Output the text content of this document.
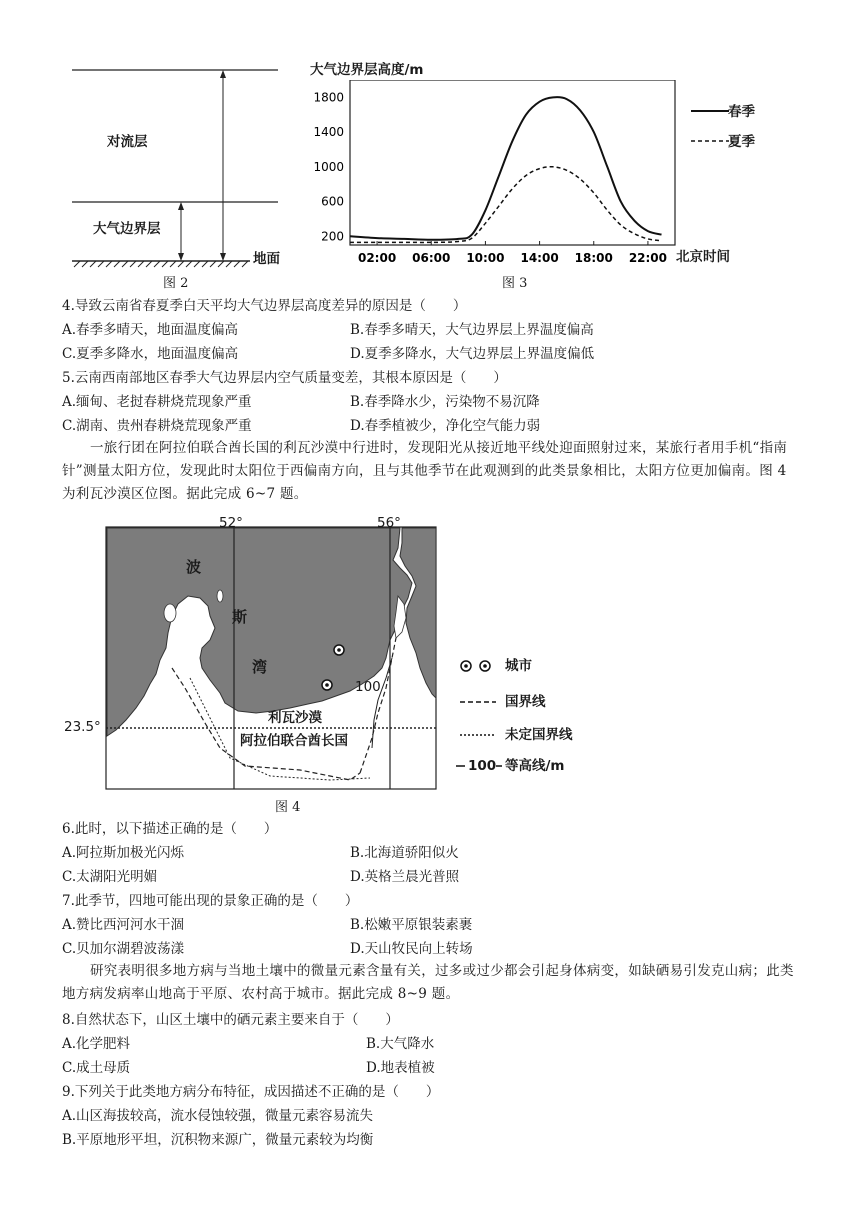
对流层
大气边界层
地面
图 2
大气边界层高度/m
200
600
1000
1400
1800
02:00 06:00 10:00 14:00 18:00 22:00
春季
夏季
北京时间
图 3
4.导致云南省春夏季白天平均大气边界层高度差异的原因是（　　）
A.春季多晴天，地面温度偏高	B.春季多晴天，大气边界层上界温度偏高
C.夏季多降水，地面温度偏高	D.夏季多降水，大气边界层上界温度偏低
5.云南西南部地区春季大气边界层内空气质量变差，其根本原因是（　　）
A.缅甸、老挝春耕烧荒现象严重	B.春季降水少，污染物不易沉降
C.湖南、贵州春耕烧荒现象严重	D.春季植被少，净化空气能力弱
一旅行团在阿拉伯联合酋长国的利瓦沙漠中行进时，发现阳光从接近地平线处迎面照射过来，某旅行者用手机“指南针”测量太阳方位，发现此时太阳位于西偏南方向，且与其他季节在此观测到的此类景象相比，太阳方位更加偏南。图 4 为利瓦沙漠区位图。据此完成 6~7 题。
52°	56°
23.5°
波
斯
湾
100
利瓦沙漠
阿拉伯联合酋长国
城市
国界线
未定国界线
100 等高线/m
图 4
6.此时，以下描述正确的是（　　）
A.阿拉斯加极光闪烁	B.北海道骄阳似火
C.太湖阳光明媚	D.英格兰晨光普照
7.此季节，四地可能出现的景象正确的是（　　）
A.赞比西河河水干涸	B.松嫩平原银装素裹
C.贝加尔湖碧波荡漾	D.天山牧民向上转场
研究表明很多地方病与当地土壤中的微量元素含量有关，过多或过少都会引起身体病变，如缺硒易引发克山病；此类地方病发病率山地高于平原、农村高于城市。据此完成 8~9 题。
8.自然状态下，山区土壤中的硒元素主要来自于（　　）
A.化学肥料	B.大气降水
C.成土母质	D.地表植被
9.下列关于此类地方病分布特征，成因描述不正确的是（　　）
A.山区海拔较高，流水侵蚀较强，微量元素容易流失
B.平原地形平坦，沉积物来源广，微量元素较为均衡
